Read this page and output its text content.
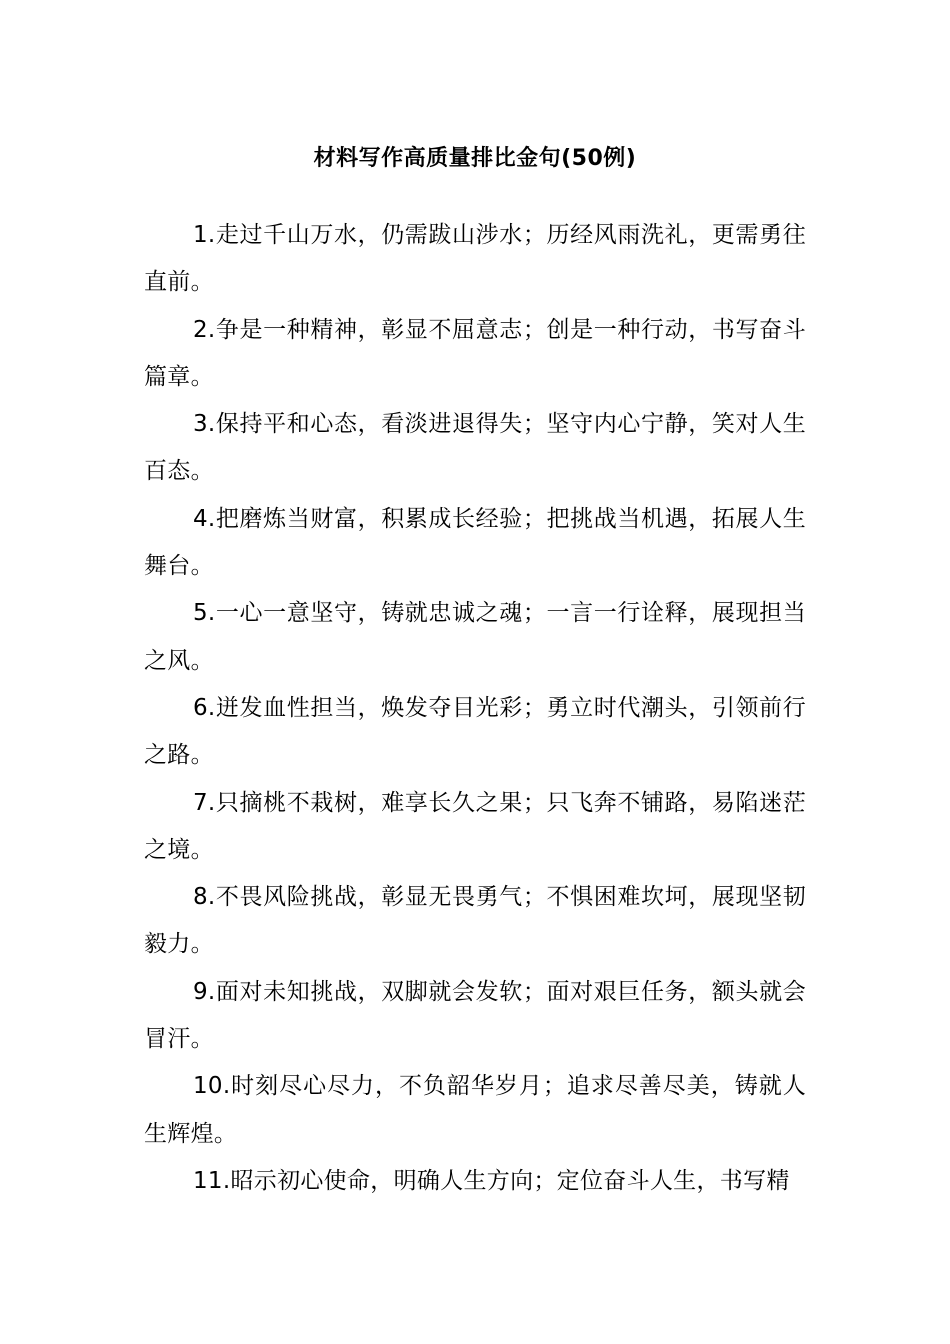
材料写作高质量排比金句(50例)

1.走过千山万水，仍需跋山涉水；历经风雨洗礼，更需勇往直前。

2.争是一种精神，彰显不屈意志；创是一种行动，书写奋斗篇章。

3.保持平和心态，看淡进退得失；坚守内心宁静，笑对人生百态。

4.把磨炼当财富，积累成长经验；把挑战当机遇，拓展人生舞台。

5.一心一意坚守，铸就忠诚之魂；一言一行诠释，展现担当之风。

6.迸发血性担当，焕发夺目光彩；勇立时代潮头，引领前行之路。

7.只摘桃不栽树，难享长久之果；只飞奔不铺路，易陷迷茫之境。

8.不畏风险挑战，彰显无畏勇气；不惧困难坎坷，展现坚韧毅力。

9.面对未知挑战，双脚就会发软；面对艰巨任务，额头就会冒汗。

10.时刻尽心尽力，不负韶华岁月；追求尽善尽美，铸就人生辉煌。

11.昭示初心使命，明确人生方向；定位奋斗人生，书写精
